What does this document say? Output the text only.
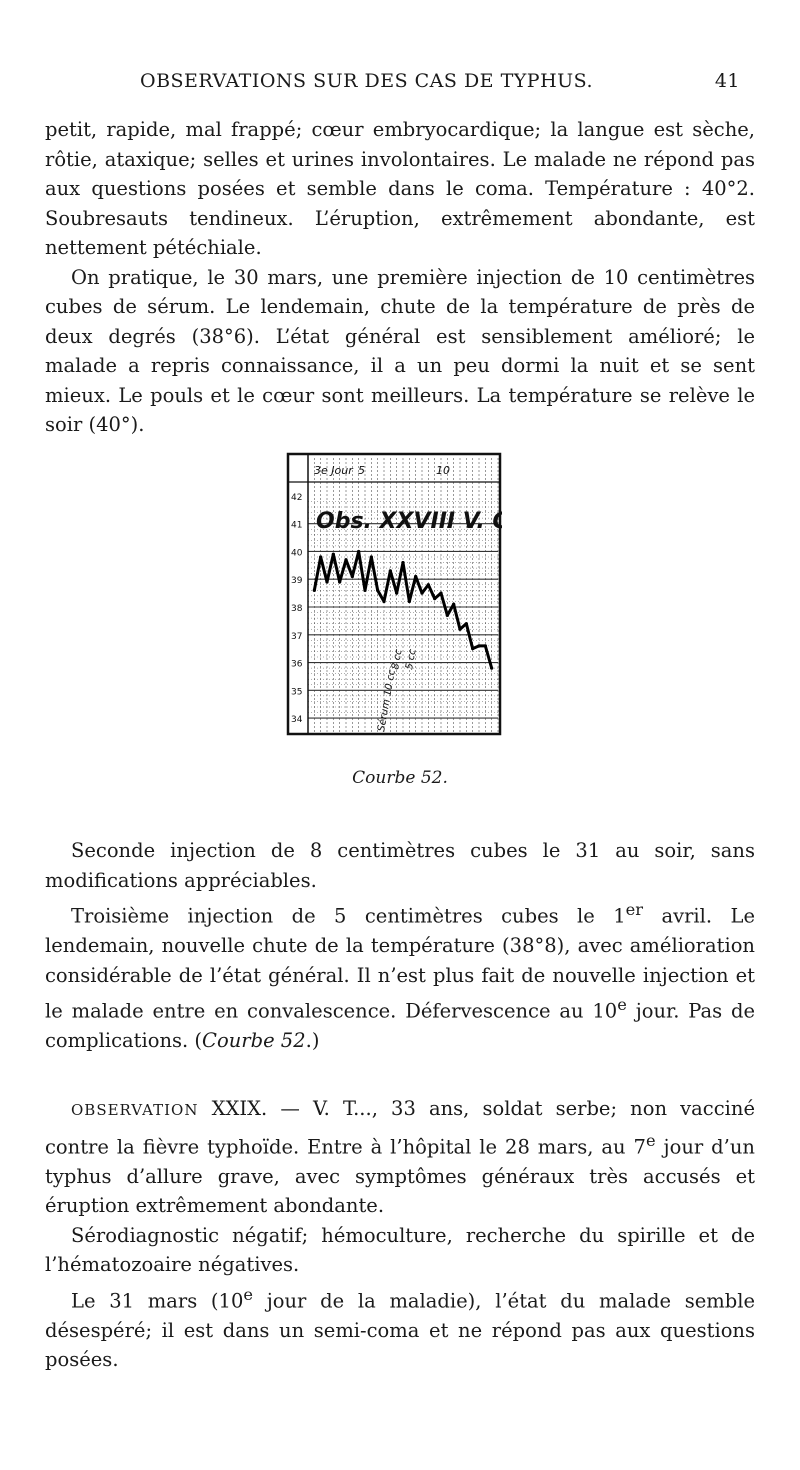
OBSERVATIONS SUR DES CAS DE TYPHUS.	41

petit, rapide, mal frappé; cœur embryocardique; la langue est sèche, rôtie, ataxique; selles et urines involontaires. Le malade ne répond pas aux questions posées et semble dans le coma. Température : 40°2. Soubresauts tendineux. L’éruption, extrêmement abondante, est nettement pétéchiale.

On pratique, le 30 mars, une première injection de 10 centimètres cubes de sérum. Le lendemain, chute de la température de près de deux degrés (38°6). L’état général est sensiblement amélioré; le malade a repris connaissance, il a un peu dormi la nuit et se sent mieux. Le pouls et le cœur sont meilleurs. La température se relève le soir (40°).

42
41
40
39
38
37
36
35
34
3e Jour 5	10
Obs. XXVIII V. G.
Sérum 10 cc
8 cc 5 cc
Courbe 52.

Seconde injection de 8 centimètres cubes le 31 au soir, sans modifications appréciables.

Troisième injection de 5 centimètres cubes le 1er avril. Le lendemain, nouvelle chute de la température (38°8), avec amélioration considérable de l’état général. Il n’est plus fait de nouvelle injection et le malade entre en convalescence. Défervescence au 10e jour. Pas de complications. (Courbe 52.)

OBSERVATION XXIX. — V. T..., 33 ans, soldat serbe; non vacciné contre la fièvre typhoïde. Entre à l’hôpital le 28 mars, au 7e jour d’un typhus d’allure grave, avec symptômes généraux très accusés et éruption extrêmement abondante.

Sérodiagnostic négatif; hémoculture, recherche du spirille et de l’hématozoaire négatives.

Le 31 mars (10e jour de la maladie), l’état du malade semble désespéré; il est dans un semi-coma et ne répond pas aux questions posées.
